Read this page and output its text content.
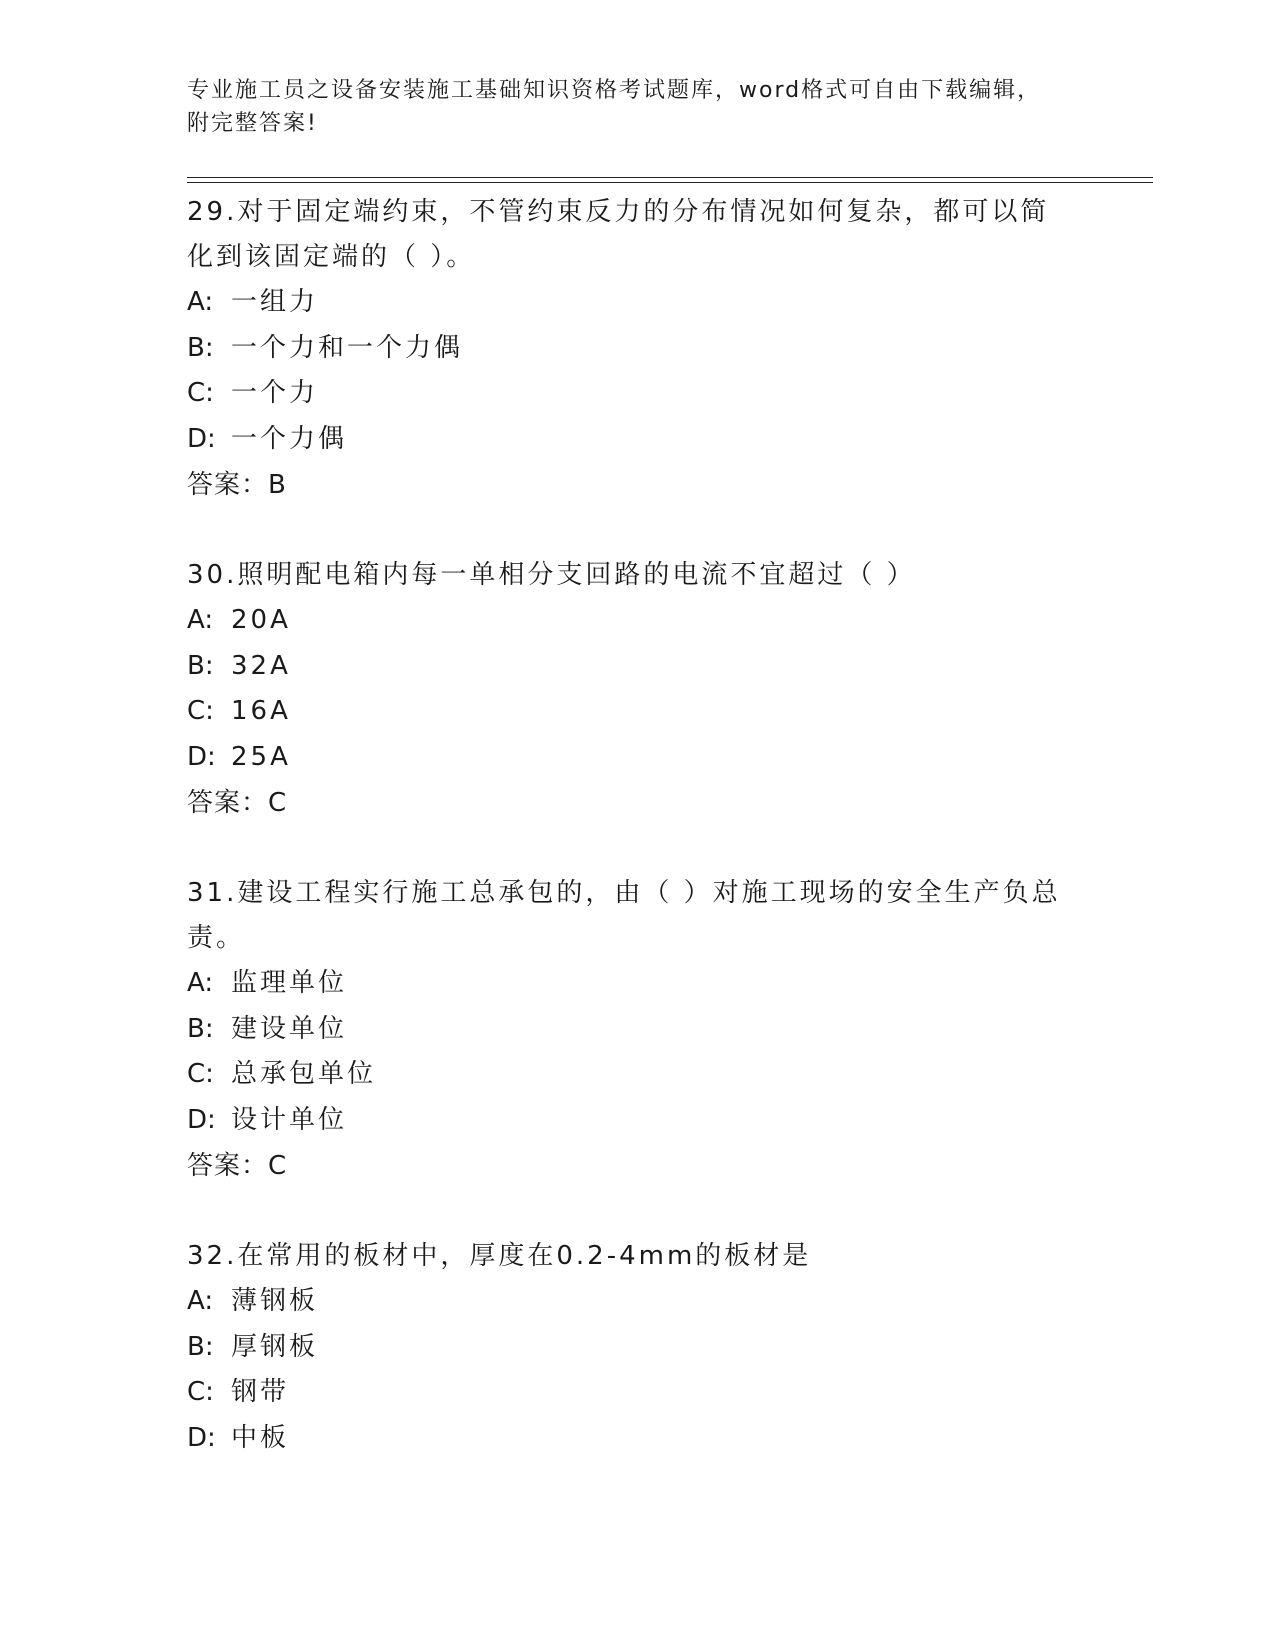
专业施工员之设备安装施工基础知识资格考试题库，word格式可自由下载编辑，
附完整答案!
29.对于固定端约束，不管约束反力的分布情况如何复杂，都可以简化到该固定端的（ ）。
A: 一组力
B: 一个力和一个力偶
C: 一个力
D: 一个力偶
答案：B
30.照明配电箱内每一单相分支回路的电流不宜超过（ ）
A: 20A
B: 32A
C: 16A
D: 25A
答案：C
31.建设工程实行施工总承包的，由（ ）对施工现场的安全生产负总责。
A: 监理单位
B: 建设单位
C: 总承包单位
D: 设计单位
答案：C
32.在常用的板材中，厚度在0.2-4mm的板材是
A: 薄钢板
B: 厚钢板
C: 钢带
D: 中板
